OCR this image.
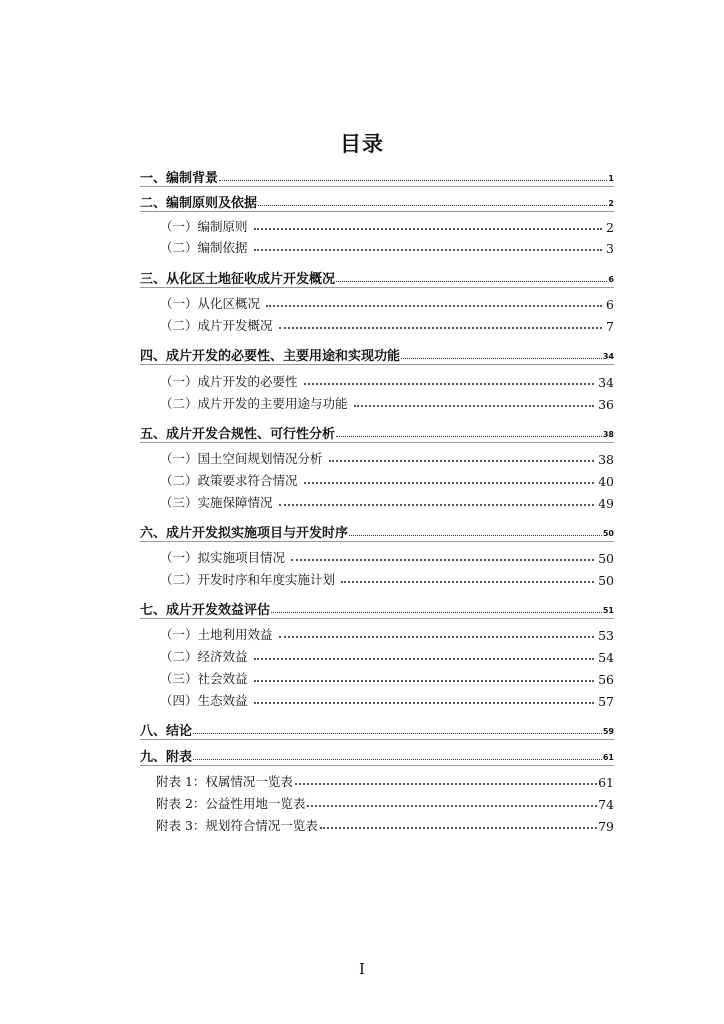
目录
一、编制背景	1
二、编制原则及依据	2
（一）编制原则	2
（二）编制依据	3
三、从化区土地征收成片开发概况	6
（一）从化区概况	6
（二）成片开发概况	7
四、成片开发的必要性、主要用途和实现功能	34
（一）成片开发的必要性	34
（二）成片开发的主要用途与功能	36
五、成片开发合规性、可行性分析	38
（一）国土空间规划情况分析	38
（二）政策要求符合情况	40
（三）实施保障情况	49
六、成片开发拟实施项目与开发时序	50
（一）拟实施项目情况	50
（二）开发时序和年度实施计划	50
七、成片开发效益评估	51
（一）土地利用效益	53
（二）经济效益	54
（三）社会效益	56
（四）生态效益	57
八、结论	59
九、附表	61
附表 1：权属情况一览表	61
附表 2：公益性用地一览表	74
附表 3：规划符合情况一览表	79
I
